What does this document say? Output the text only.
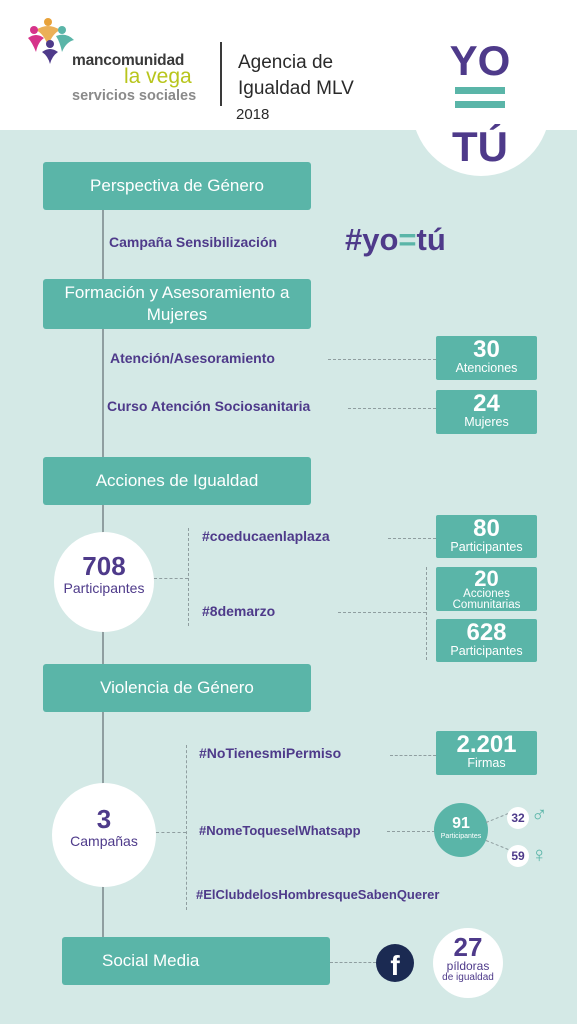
mancomunidad
la vega
servicios sociales
Agencia de
Igualdad MLV
2018
YO
TÚ
Perspectiva de Género
Campaña Sensibilización #yo=tú
Formación y Asesoramiento a Mujeres
Atención/Asesoramiento	30
Atenciones
Curso Atención Sociosanitaria	24
Mujeres
Acciones de Igualdad
708
Participantes
#coeducaenlaplaza	80
Participantes
#8demarzo
20
Acciones Comunitarias
628
Participantes
Violencia de Género
3
Campañas
#NoTienesmiPermiso	2.201
Firmas
#NomeToqueselWhatsapp	91
Participantes
32 ♂
59 ♀
#ElClubdelosHombresqueSabenQuerer
Social Media	f
27
píldoras
de igualdad
